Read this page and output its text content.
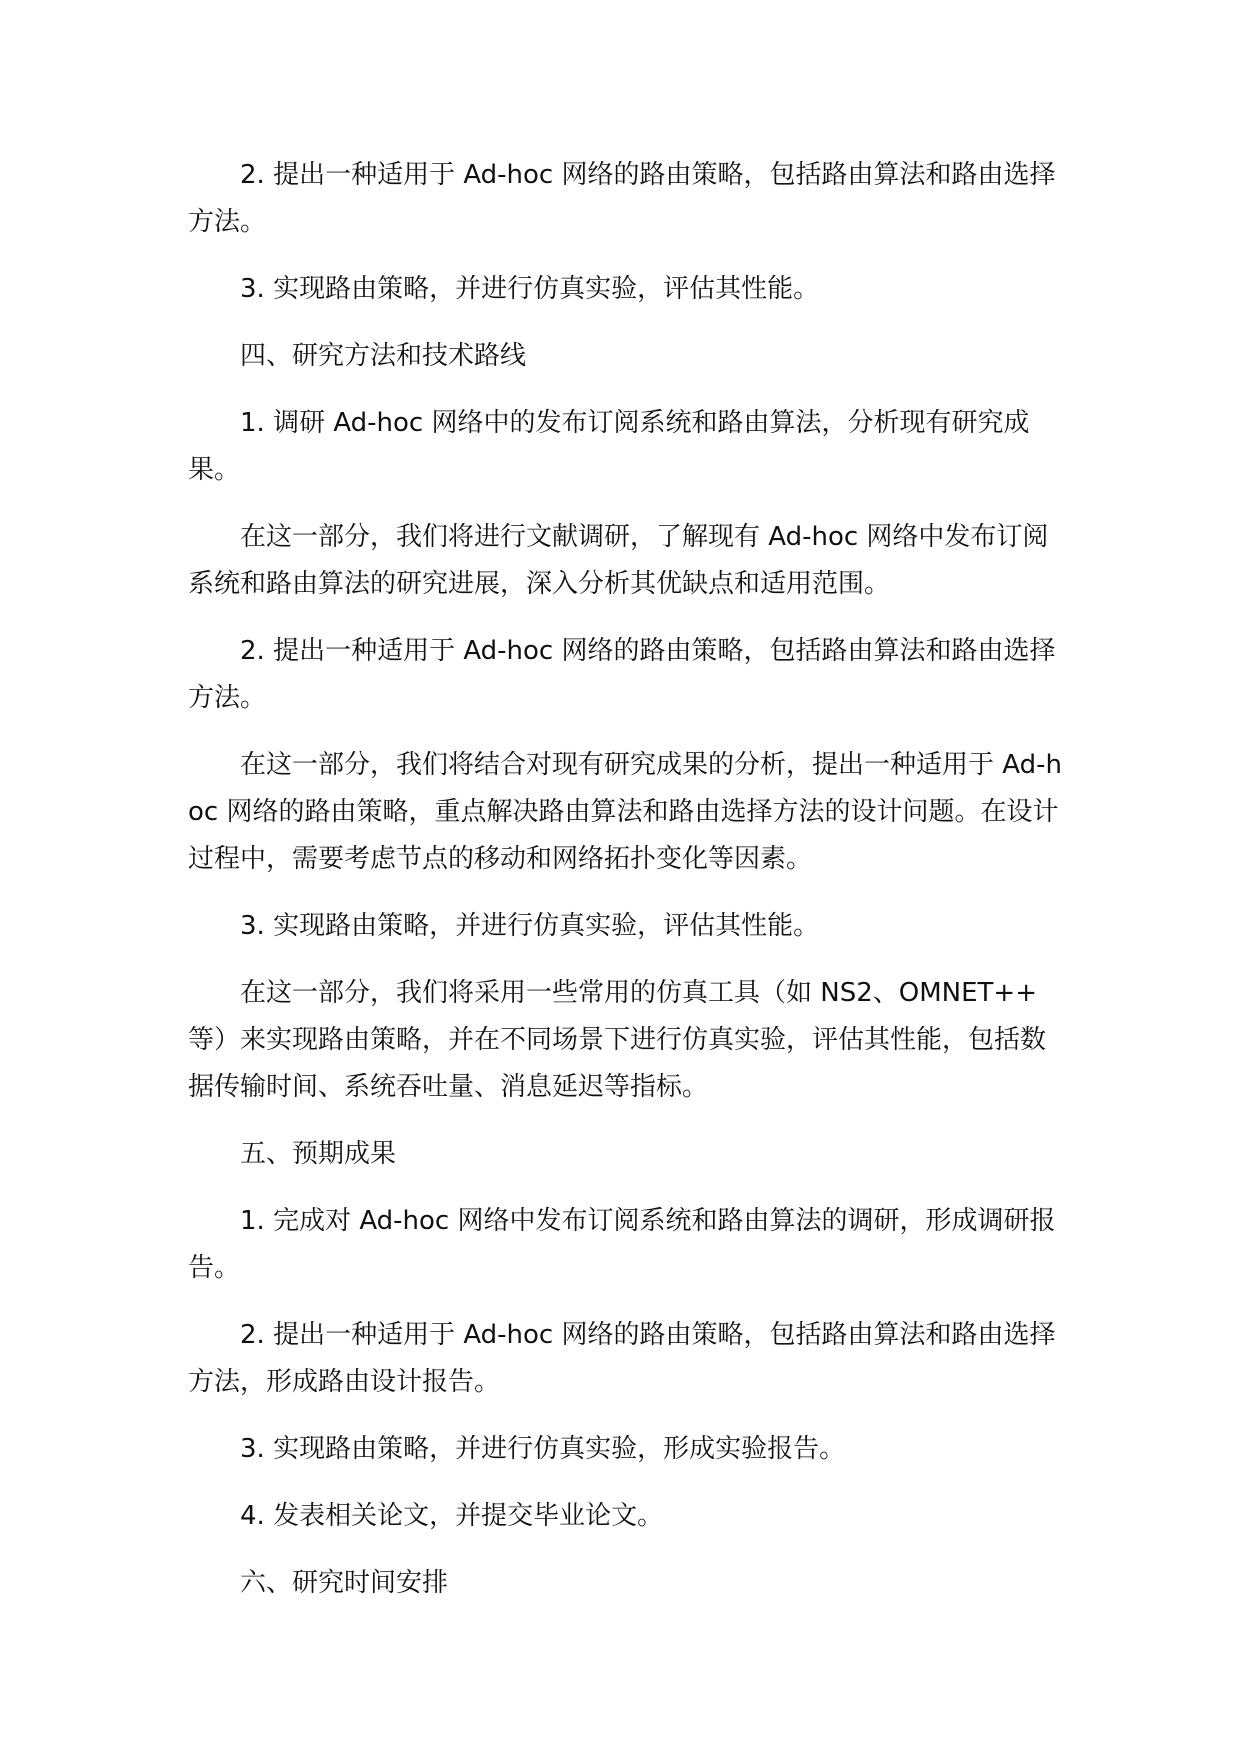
2. 提出一种适用于 Ad-hoc 网络的路由策略，包括路由算法和路由选择方法。

3. 实现路由策略，并进行仿真实验，评估其性能。

四、研究方法和技术路线

1. 调研 Ad-hoc 网络中的发布订阅系统和路由算法，分析现有研究成果。

在这一部分，我们将进行文献调研，了解现有 Ad-hoc 网络中发布订阅系统和路由算法的研究进展，深入分析其优缺点和适用范围。

2. 提出一种适用于 Ad-hoc 网络的路由策略，包括路由算法和路由选择方法。

在这一部分，我们将结合对现有研究成果的分析，提出一种适用于 Ad-hoc 网络的路由策略，重点解决路由算法和路由选择方法的设计问题。在设计过程中，需要考虑节点的移动和网络拓扑变化等因素。

3. 实现路由策略，并进行仿真实验，评估其性能。

在这一部分，我们将采用一些常用的仿真工具（如 NS2、OMNET++ 等）来实现路由策略，并在不同场景下进行仿真实验，评估其性能，包括数据传输时间、系统吞吐量、消息延迟等指标。

五、预期成果

1. 完成对 Ad-hoc 网络中发布订阅系统和路由算法的调研，形成调研报告。

2. 提出一种适用于 Ad-hoc 网络的路由策略，包括路由算法和路由选择方法，形成路由设计报告。

3. 实现路由策略，并进行仿真实验，形成实验报告。

4. 发表相关论文，并提交毕业论文。

六、研究时间安排
